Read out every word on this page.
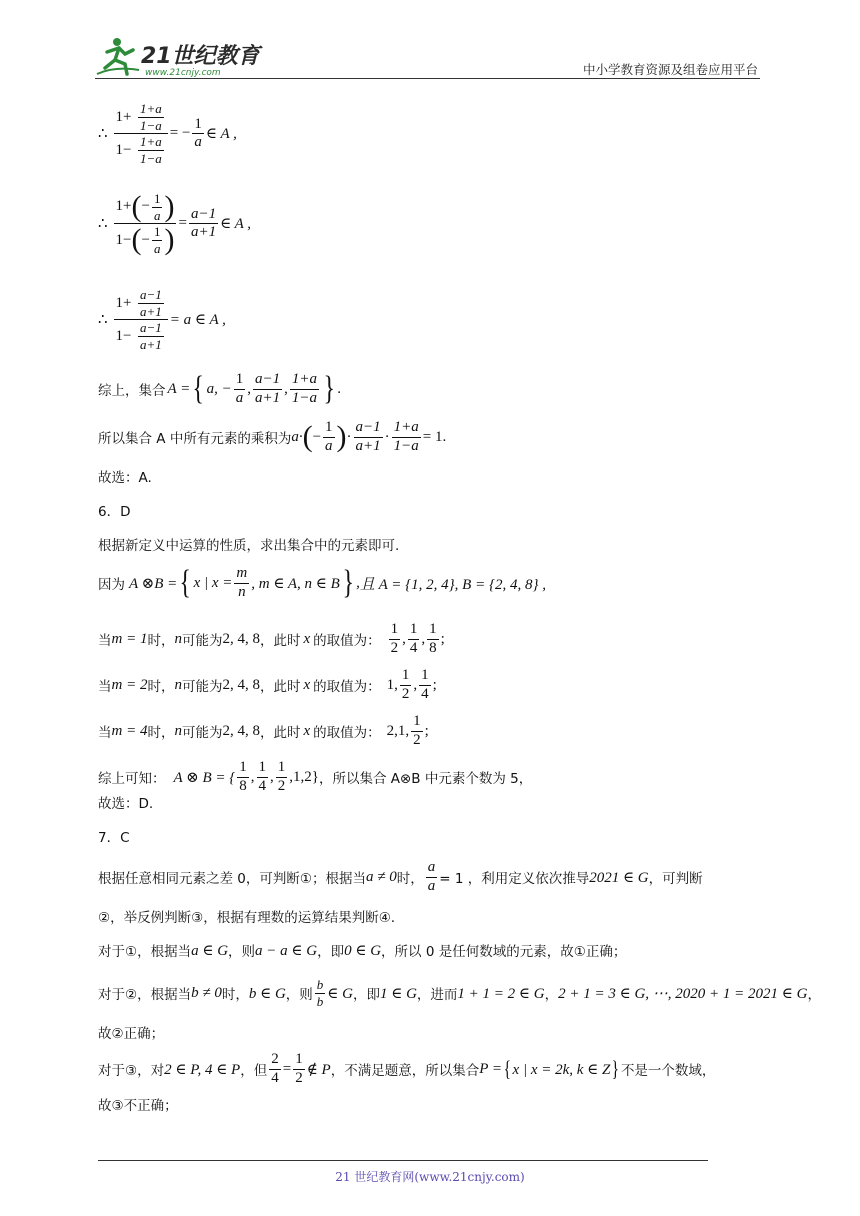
21世纪教育
www.21cnjy.com	中小学教育资源及组卷应用平台
∴ $\frac{1+ \frac{1+a}{1-a}}{1- \frac{1+a}{1-a}}$ = − $\frac{1}{a}$ ∈ A ,
∴ $\frac{1+ ( - \frac{1}{a} )}{1- ( - \frac{1}{a} )} = \frac{a-1}{a+1}$ ∈ A ,
∴ $\frac{1+ \frac{a-1}{a+1}}{1- \frac{a-1}{a+1}} = a$ ∈ A ,
综上，集合 A = { a, − $\frac{1}{a}$ , $\frac{a-1}{a+1}$ , $\frac{1+a}{1-a}$ } .
所以集合 A 中所有元素的乘积为 a· ( − $\frac{1}{a}$ ) · $\frac{a-1}{a+1} \cdot \frac{1+a}{1-a} = 1$.
故选：A.
6．D
根据新定义中运算的性质，求出集合中的元素即可.
因为 A ⊗B = { x | $x = \frac{m}{n}$ , m ∈ A, n ∈ B } , 且 A = {1, 2, 4}, B = {2, 4, 8} ,
当 m = 1 时， n 可能为 2, 4, 8 ，此时 x 的取值为： $\frac{1}{2}$ , $\frac{1}{4}$ , $\frac{1}{8}$ ;
当 m = 2 时， n 可能为 2, 4, 8 ，此时 x 的取值为： 1, $\frac{1}{2}$ , $\frac{1}{4}$ ;
当 m = 4 时， n 可能为 2, 4, 8 ，此时 x 的取值为： 2,1, $\frac{1}{2}$ ;
综上可知： A ⊗ B = { $\frac{1}{8}$ , $\frac{1}{4}$ , $\frac{1}{2} ,1,2$} ，所以集合 A⊗B 中元素个数为 5，
故选：D.
7．C
根据任意相同元素之差 0，可判断①；根据当 a ≠ 0 时， $\frac{a}{a} = 1$ ，利用定义依次推导 2021 ∈ G ，可判断
②，举反例判断③，根据有理数的运算结果判断④.
对于①，根据当 a ∈ G ，则 a − a ∈ G ，即 0 ∈ G ，所以 0 是任何数域的元素，故①正确；
对于②，根据当 b ≠ 0 时， b ∈ G ，则 $\frac{b}{b}$ ∈ G ，即 1 ∈ G ，进而 1 + 1 = 2 ∈ G ， 2 + 1 = 3 ∈ G, ⋯, 2020 + 1 = 2021 ∈ G ，
故②正确；
对于③，对 2 ∈ P, 4 ∈ P ，但 $\frac{2}{4} = \frac{1}{2}$ ∉ P ，不满足题意，所以集合 P = { x | x = 2k, k ∈ Z } 不是一个数域，
故③不正确；
21 世纪教育网(www.21cnjy.com)
